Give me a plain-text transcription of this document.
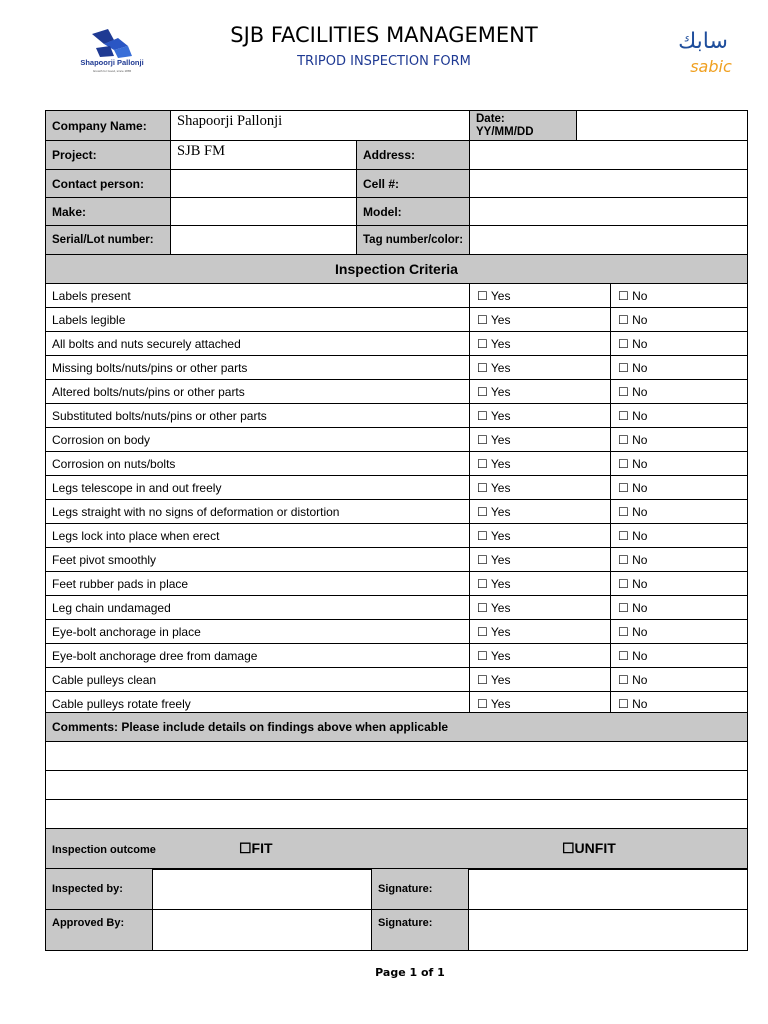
Shapoorji Pallonji
Growth for Good, since 1865
SJB FACILITIES MANAGEMENT
TRIPOD INSPECTION FORM
سابك
sabic
Company Name:	Shapoorji Pallonji		Date:
YY/MM/DD	

Project:	SJB FM	Address:		
Contact person:		Cell #:		
Make:		Model:		
Serial/Lot number:		Tag number/color:		
Inspection Criteria		
Labels present	☐ Yes	☐ No
Labels legible	☐ Yes	☐ No
All bolts and nuts securely attached	☐ Yes	☐ No
Missing bolts/nuts/pins or other parts	☐ Yes	☐ No
Altered bolts/nuts/pins or other parts	☐ Yes	☐ No
Substituted bolts/nuts/pins or other parts	☐ Yes	☐ No
Corrosion on body	☐ Yes	☐ No
Corrosion on nuts/bolts	☐ Yes	☐ No
Legs telescope in and out freely	☐ Yes	☐ No
Legs straight with no signs of deformation or distortion	☐ Yes	☐ No
Legs lock into place when erect	☐ Yes	☐ No
Feet pivot smoothly	☐ Yes	☐ No
Feet rubber pads in place	☐ Yes	☐ No
Leg chain undamaged	☐ Yes	☐ No
Eye-bolt anchorage in place	☐ Yes	☐ No
Eye-bolt anchorage dree from damage	☐ Yes	☐ No
Cable pulleys clean	☐ Yes	☐ No
Cable pulleys rotate freely	☐ Yes	☐ No
Comments: Please include details on findings above when applicable

Inspection outcome	☐FIT	☐UNFIT
Inspected by:		Signature:	
Approved By:		Signature:	
Page 1 of 1
